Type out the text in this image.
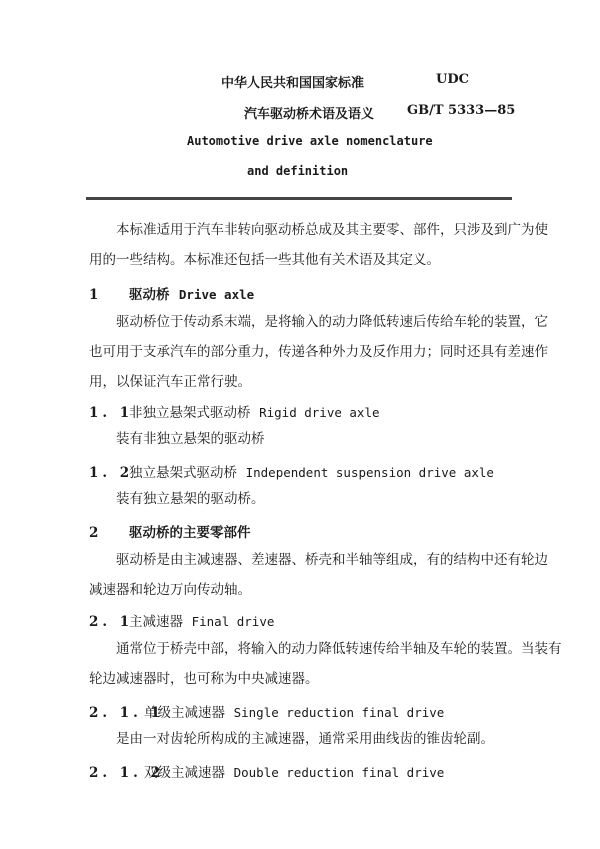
中华人民共和国国家标准	UDC
汽车驱动桥术语及语义	GB/T 5333—85
Automotive drive axle nomenclature
and definition
本标准适用于汽车非转向驱动桥总成及其主要零、部件，只涉及到广为使
用的一些结构。本标准还包括一些其他有关术语及其定义。
1 驱动桥 Drive axle
驱动桥位于传动系末端，是将输入的动力降低转速后传给车轮的装置，它
也可用于支承汽车的部分重力，传递各种外力及反作用力；同时还具有差速作
用，以保证汽车正常行驶。
1. 1非独立悬架式驱动桥 Rigid drive axle
装有非独立悬架的驱动桥
1. 2独立悬架式驱动桥 Independent suspension drive axle
装有独立悬架的驱动桥。
2 驱动桥的主要零部件
驱动桥是由主减速器、差速器、桥壳和半轴等组成，有的结构中还有轮边
减速器和轮边万向传动轴。
2. 1主减速器 Final drive
通常位于桥壳中部，将输入的动力降低转速传给半轴及车轮的装置。当装有
轮边减速器时，也可称为中央减速器。
2. 1. 1单级主减速器 Single reduction final drive
是由一对齿轮所构成的主减速器，通常采用曲线齿的锥齿轮副。
2. 1. 2双级主减速器 Double reduction final drive
